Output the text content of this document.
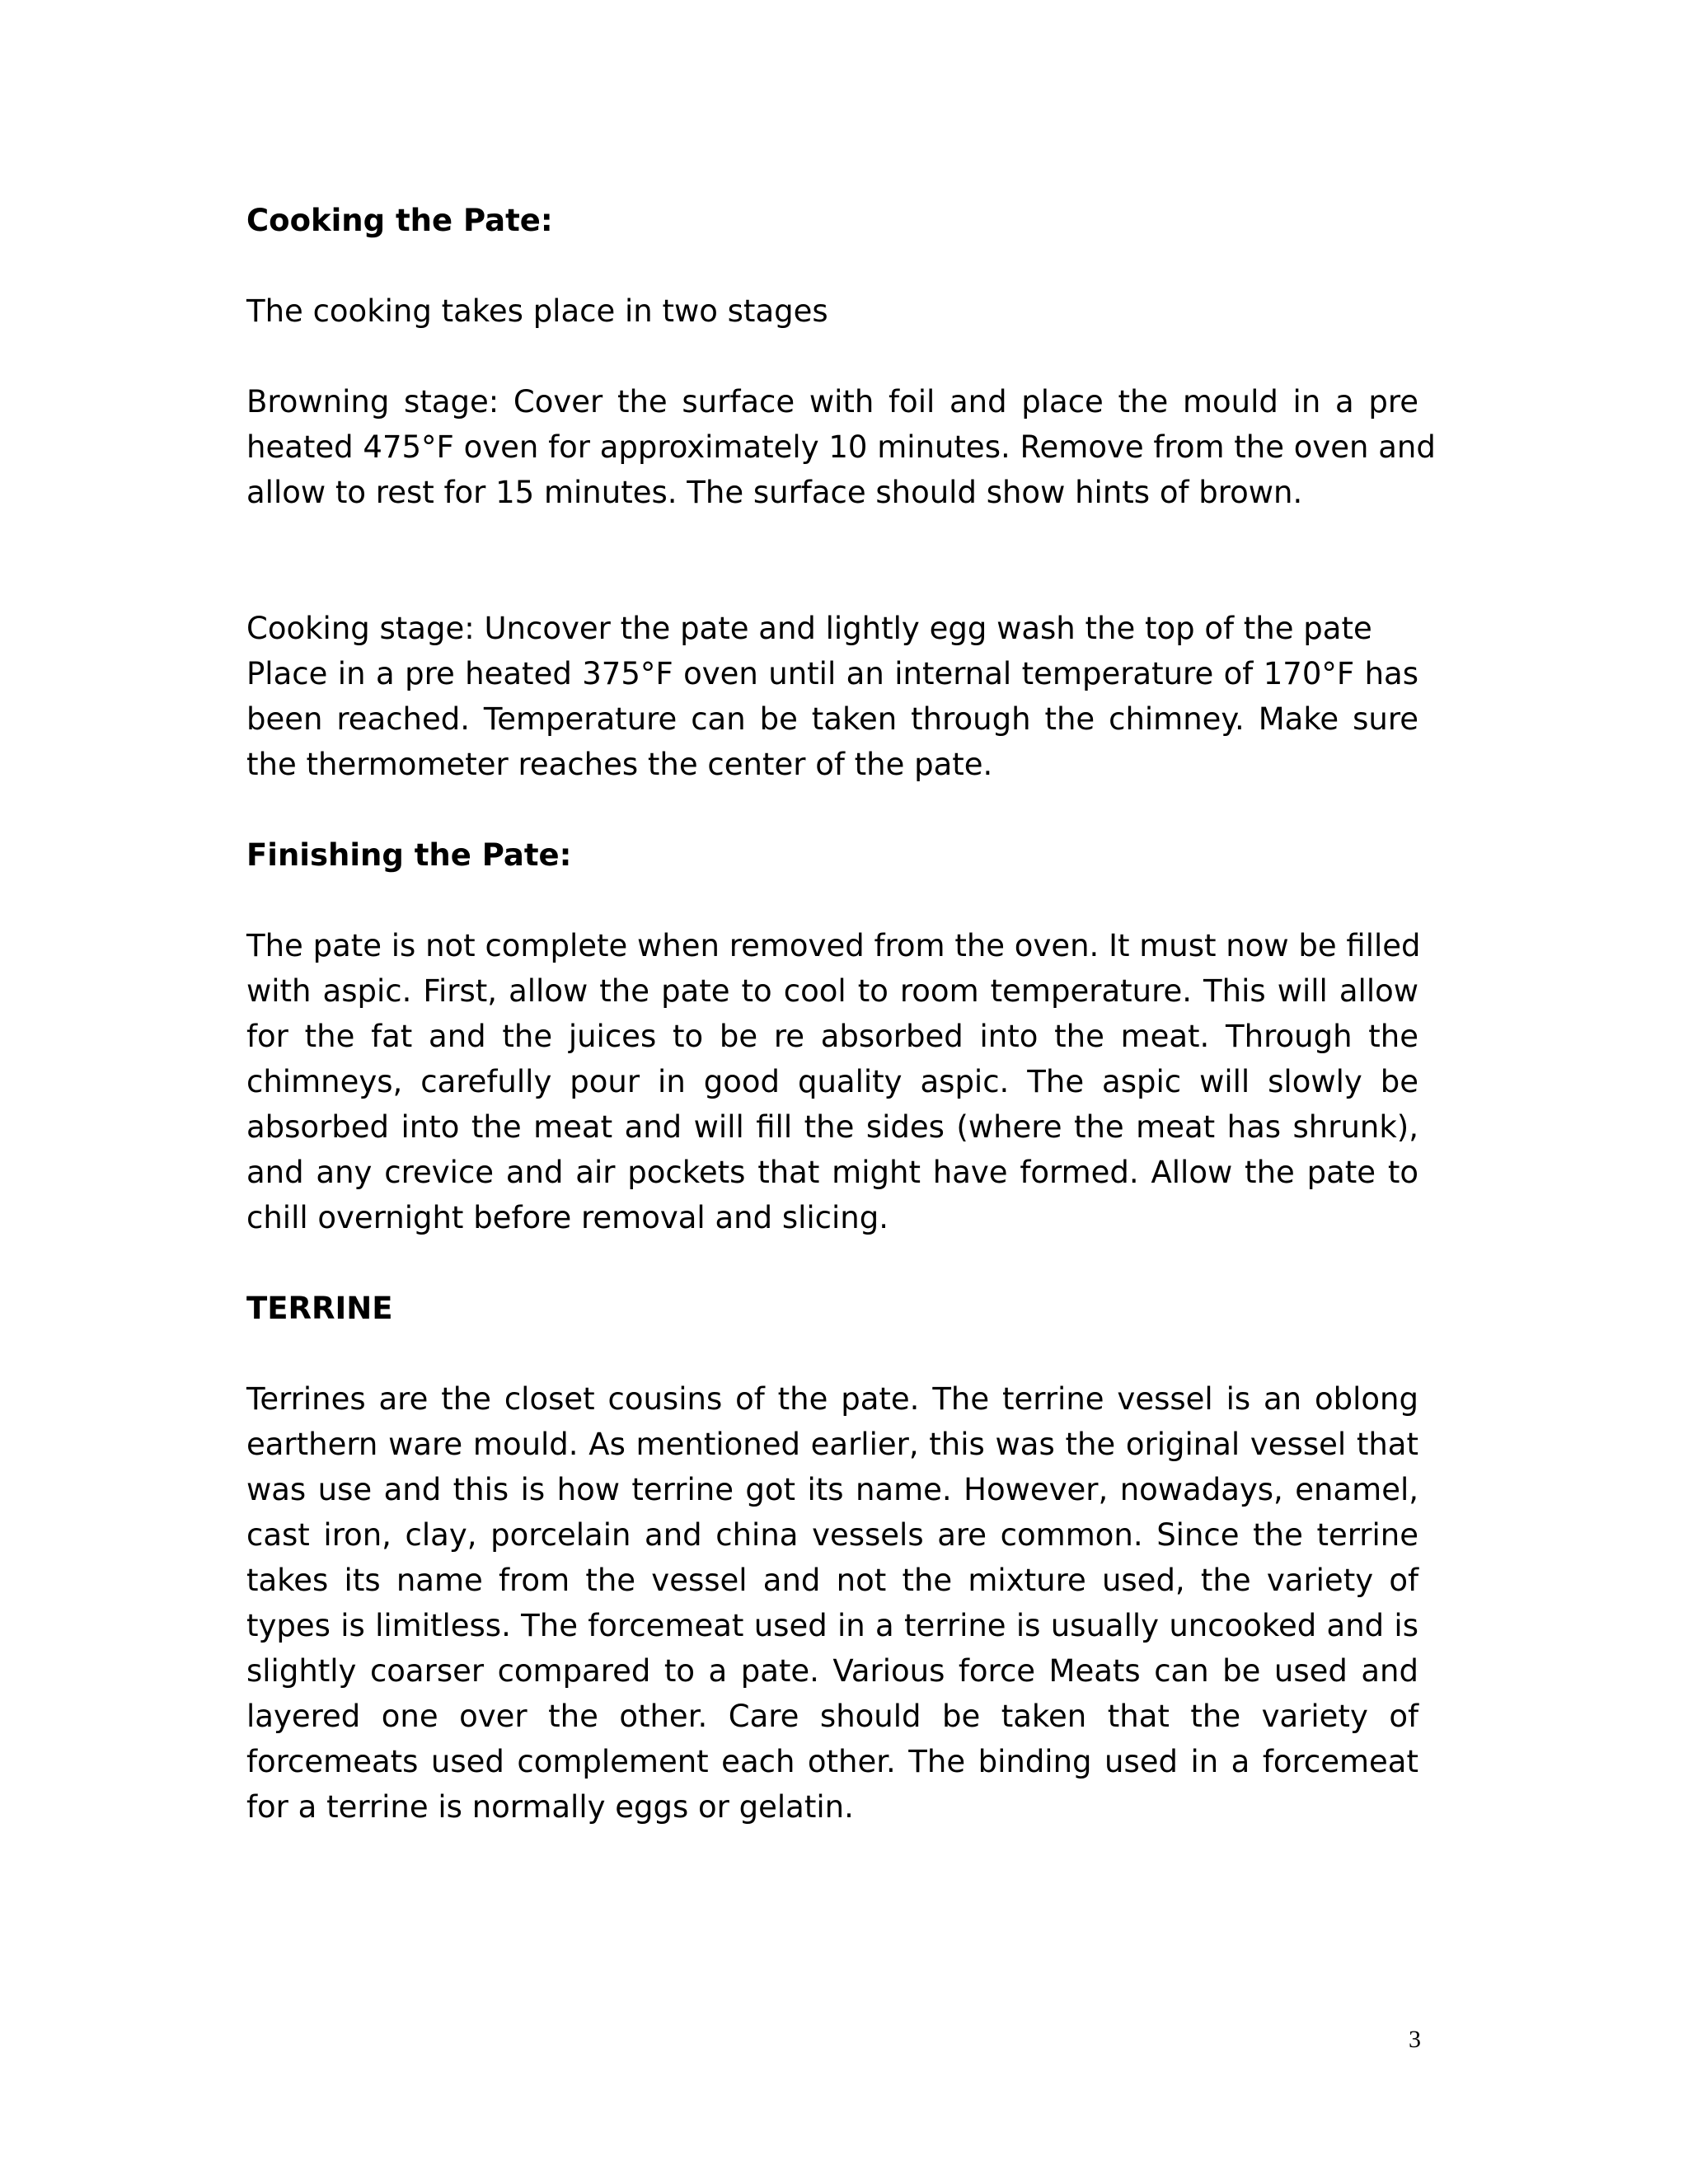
Cooking the Pate:

The cooking takes place in two stages

Browning stage: Cover the surface with foil and place the mould in a pre
heated 475°F oven for approximately 10 minutes. Remove from the oven and
allow to rest for 15 minutes. The surface should show hints of brown.

Cooking stage: Uncover the pate and lightly egg wash the top of the pate
Place in a pre heated 375°F oven until an internal temperature of 170°F has
been reached. Temperature can be taken through the chimney. Make sure
the thermometer reaches the center of the pate.

Finishing the Pate:

The pate is not complete when removed from the oven. It must now be filled
with aspic. First, allow the pate to cool to room temperature. This will allow
for the fat and the juices to be re absorbed into the meat. Through the
chimneys, carefully pour in good quality aspic. The aspic will slowly be
absorbed into the meat and will fill the sides (where the meat has shrunk),
and any crevice and air pockets that might have formed. Allow the pate to
chill overnight before removal and slicing.

TERRINE

Terrines are the closet cousins of the pate. The terrine vessel is an oblong
earthern ware mould. As mentioned earlier, this was the original vessel that
was use and this is how terrine got its name. However, nowadays, enamel,
cast iron, clay, porcelain and china vessels are common. Since the terrine
takes its name from the vessel and not the mixture used, the variety of
types is limitless. The forcemeat used in a terrine is usually uncooked and is
slightly coarser compared to a pate. Various force Meats can be used and
layered one over the other. Care should be taken that the variety of
forcemeats used complement each other. The binding used in a forcemeat
for a terrine is normally eggs or gelatin.

3
